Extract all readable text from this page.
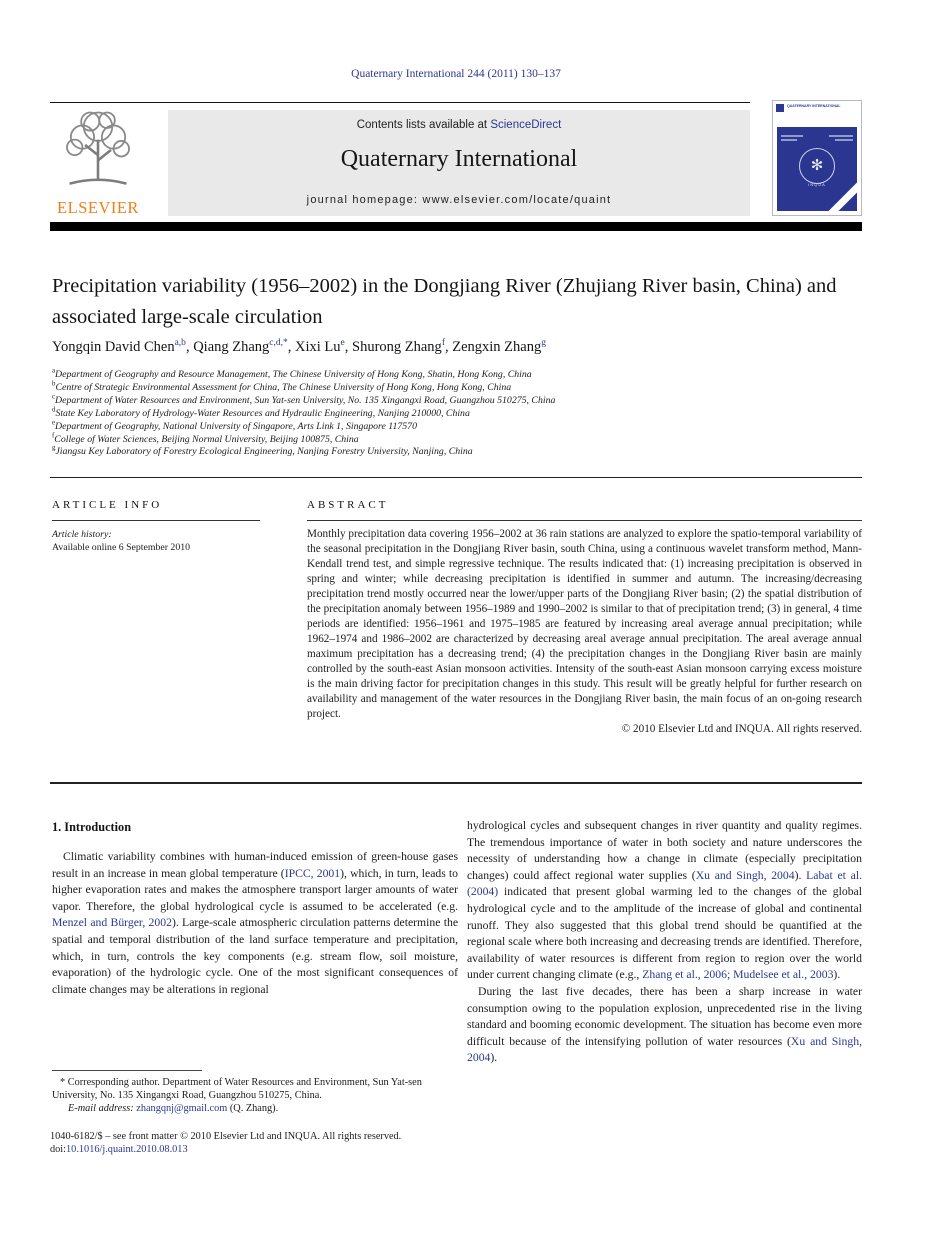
Quaternary International 244 (2011) 130–137
ELSEVIER
Contents lists available at ScienceDirect
Quaternary International
journal homepage: www.elsevier.com/locate/quaint
QUATERNARY INTERNATIONAL
✻
INQUA
Precipitation variability (1956–2002) in the Dongjiang River (Zhujiang River basin, China) and associated large-scale circulation
Yongqin David Chen$^{a,b}$, Qiang Zhang$^{c,d,*}$, Xixi Lu$^e$, Shurong Zhang$^f$, Zengxin Zhang$^g$
$^a$Department of Geography and Resource Management, The Chinese University of Hong Kong, Shatin, Hong Kong, China
$^b$Centre of Strategic Environmental Assessment for China, The Chinese University of Hong Kong, Hong Kong, China
$^c$Department of Water Resources and Environment, Sun Yat-sen University, No. 135 Xingangxi Road, Guangzhou 510275, China
$^d$State Key Laboratory of Hydrology-Water Resources and Hydraulic Engineering, Nanjing 210000, China
$^e$Department of Geography, National University of Singapore, Arts Link 1, Singapore 117570
$^f$College of Water Sciences, Beijing Normal University, Beijing 100875, China
$^g$Jiangsu Key Laboratory of Forestry Ecological Engineering, Nanjing Forestry University, Nanjing, China
ARTICLE INFO
Article history:
Available online 6 September 2010
ABSTRACT
Monthly precipitation data covering 1956–2002 at 36 rain stations are analyzed to explore the spatio-temporal variability of the seasonal precipitation in the Dongjiang River basin, south China, using a continuous wavelet transform method, Mann-Kendall trend test, and simple regressive technique. The results indicated that: (1) increasing precipitation is observed in spring and winter; while decreasing precipitation is identified in summer and autumn. The increasing/decreasing precipitation trend mostly occurred near the lower/upper parts of the Dongjiang River basin; (2) the spatial distribution of the precipitation anomaly between 1956–1989 and 1990–2002 is similar to that of precipitation trend; (3) in general, 4 time periods are identified: 1956–1961 and 1975–1985 are featured by increasing areal average annual precipitation; while 1962–1974 and 1986–2002 are characterized by decreasing areal average annual precipitation. The areal average annual maximum precipitation has a decreasing trend; (4) the precipitation changes in the Dongjiang River basin are mainly controlled by the south-east Asian monsoon activities. Intensity of the south-east Asian monsoon carrying excess moisture is the main driving factor for precipitation changes in this study. This result will be greatly helpful for further research on availability and management of the water resources in the Dongjiang River basin, the main focus of an on-going research project.
© 2010 Elsevier Ltd and INQUA. All rights reserved.
1. Introduction

Climatic variability combines with human-induced emission of green-house gases result in an increase in mean global temperature (IPCC, 2001), which, in turn, leads to higher evaporation rates and makes the atmosphere transport larger amounts of water vapor. Therefore, the global hydrological cycle is assumed to be accelerated (e.g. Menzel and Bürger, 2002). Large-scale atmospheric circulation patterns determine the spatial and temporal distribution of the land surface temperature and precipitation, which, in turn, controls the key components (e.g. stream flow, soil moisture, evaporation) of the hydrologic cycle. One of the most significant consequences of climate changes may be alterations in regional

hydrological cycles and subsequent changes in river quantity and quality regimes. The tremendous importance of water in both society and nature underscores the necessity of understanding how a change in climate (especially precipitation changes) could affect regional water supplies (Xu and Singh, 2004). Labat et al. (2004) indicated that present global warming led to the changes of the global hydrological cycle and to the amplitude of the increase of global and continental runoff. They also suggested that this global trend should be quantified at the regional scale where both increasing and decreasing trends are identified. Therefore, availability of water resources is different from region to region over the world under current changing climate (e.g., Zhang et al., 2006; Mudelsee et al., 2003).

During the last five decades, there has been a sharp increase in water consumption owing to the population explosion, unprecedented rise in the living standard and booming economic development. The situation has become even more difficult because of the intensifying pollution of water resources (Xu and Singh, 2004).

* Corresponding author. Department of Water Resources and Environment, Sun Yat-sen University, No. 135 Xingangxi Road, Guangzhou 510275, China.
E-mail address: zhangqnj@gmail.com (Q. Zhang).
1040-6182/$ – see front matter © 2010 Elsevier Ltd and INQUA. All rights reserved.
doi:10.1016/j.quaint.2010.08.013
